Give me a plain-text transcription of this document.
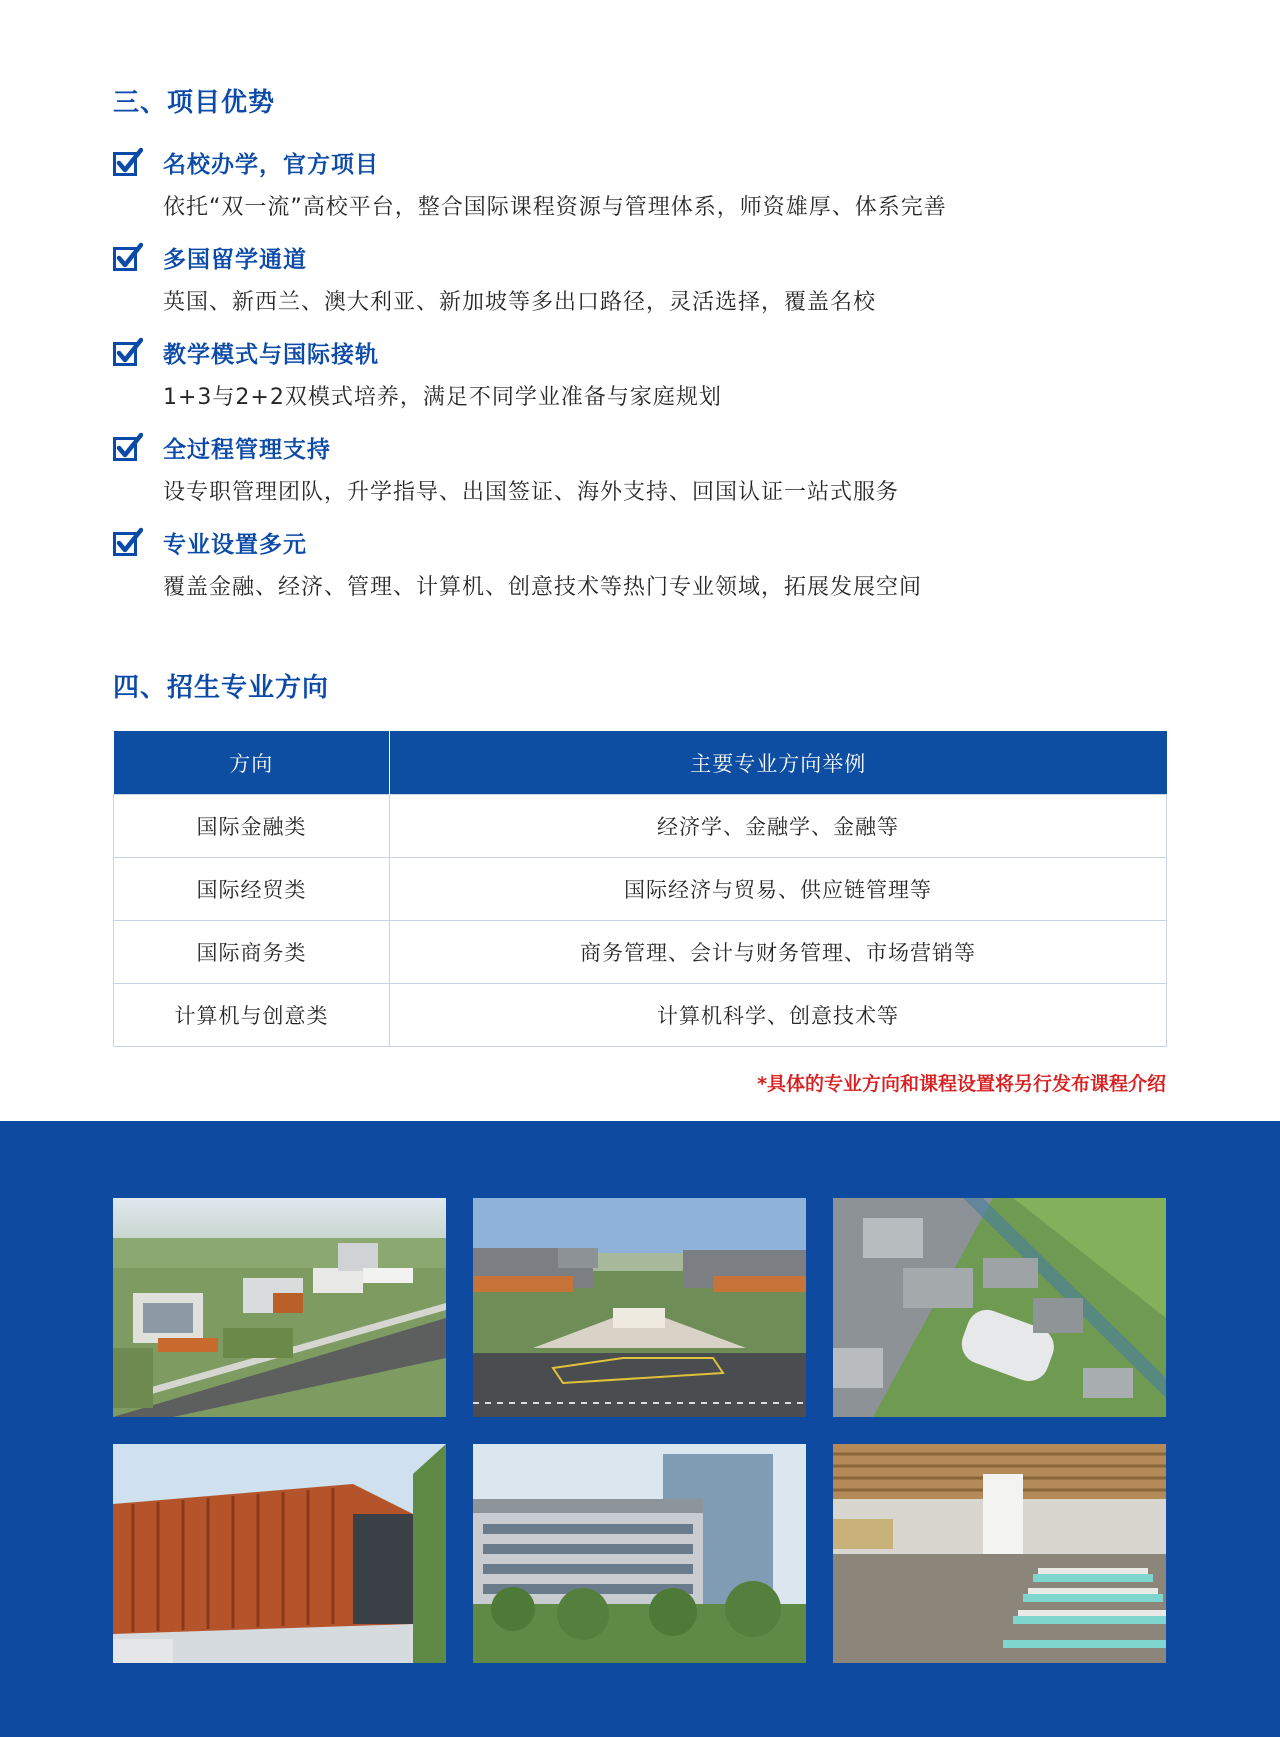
三、项目优势
名校办学，官方项目
依托“双一流”高校平台，整合国际课程资源与管理体系，师资雄厚、体系完善
多国留学通道
英国、新西兰、澳大利亚、新加坡等多出口路径，灵活选择，覆盖名校
教学模式与国际接轨
1+3与2+2双模式培养，满足不同学业准备与家庭规划
全过程管理支持
设专职管理团队，升学指导、出国签证、海外支持、回国认证一站式服务
专业设置多元
覆盖金融、经济、管理、计算机、创意技术等热门专业领域，拓展发展空间
四、招生专业方向
方向	主要专业方向举例
国际金融类	经济学、金融学、金融等
国际经贸类	国际经济与贸易、供应链管理等
国际商务类	商务管理、会计与财务管理、市场营销等
计算机与创意类	计算机科学、创意技术等
*具体的专业方向和课程设置将另行发布课程介绍
